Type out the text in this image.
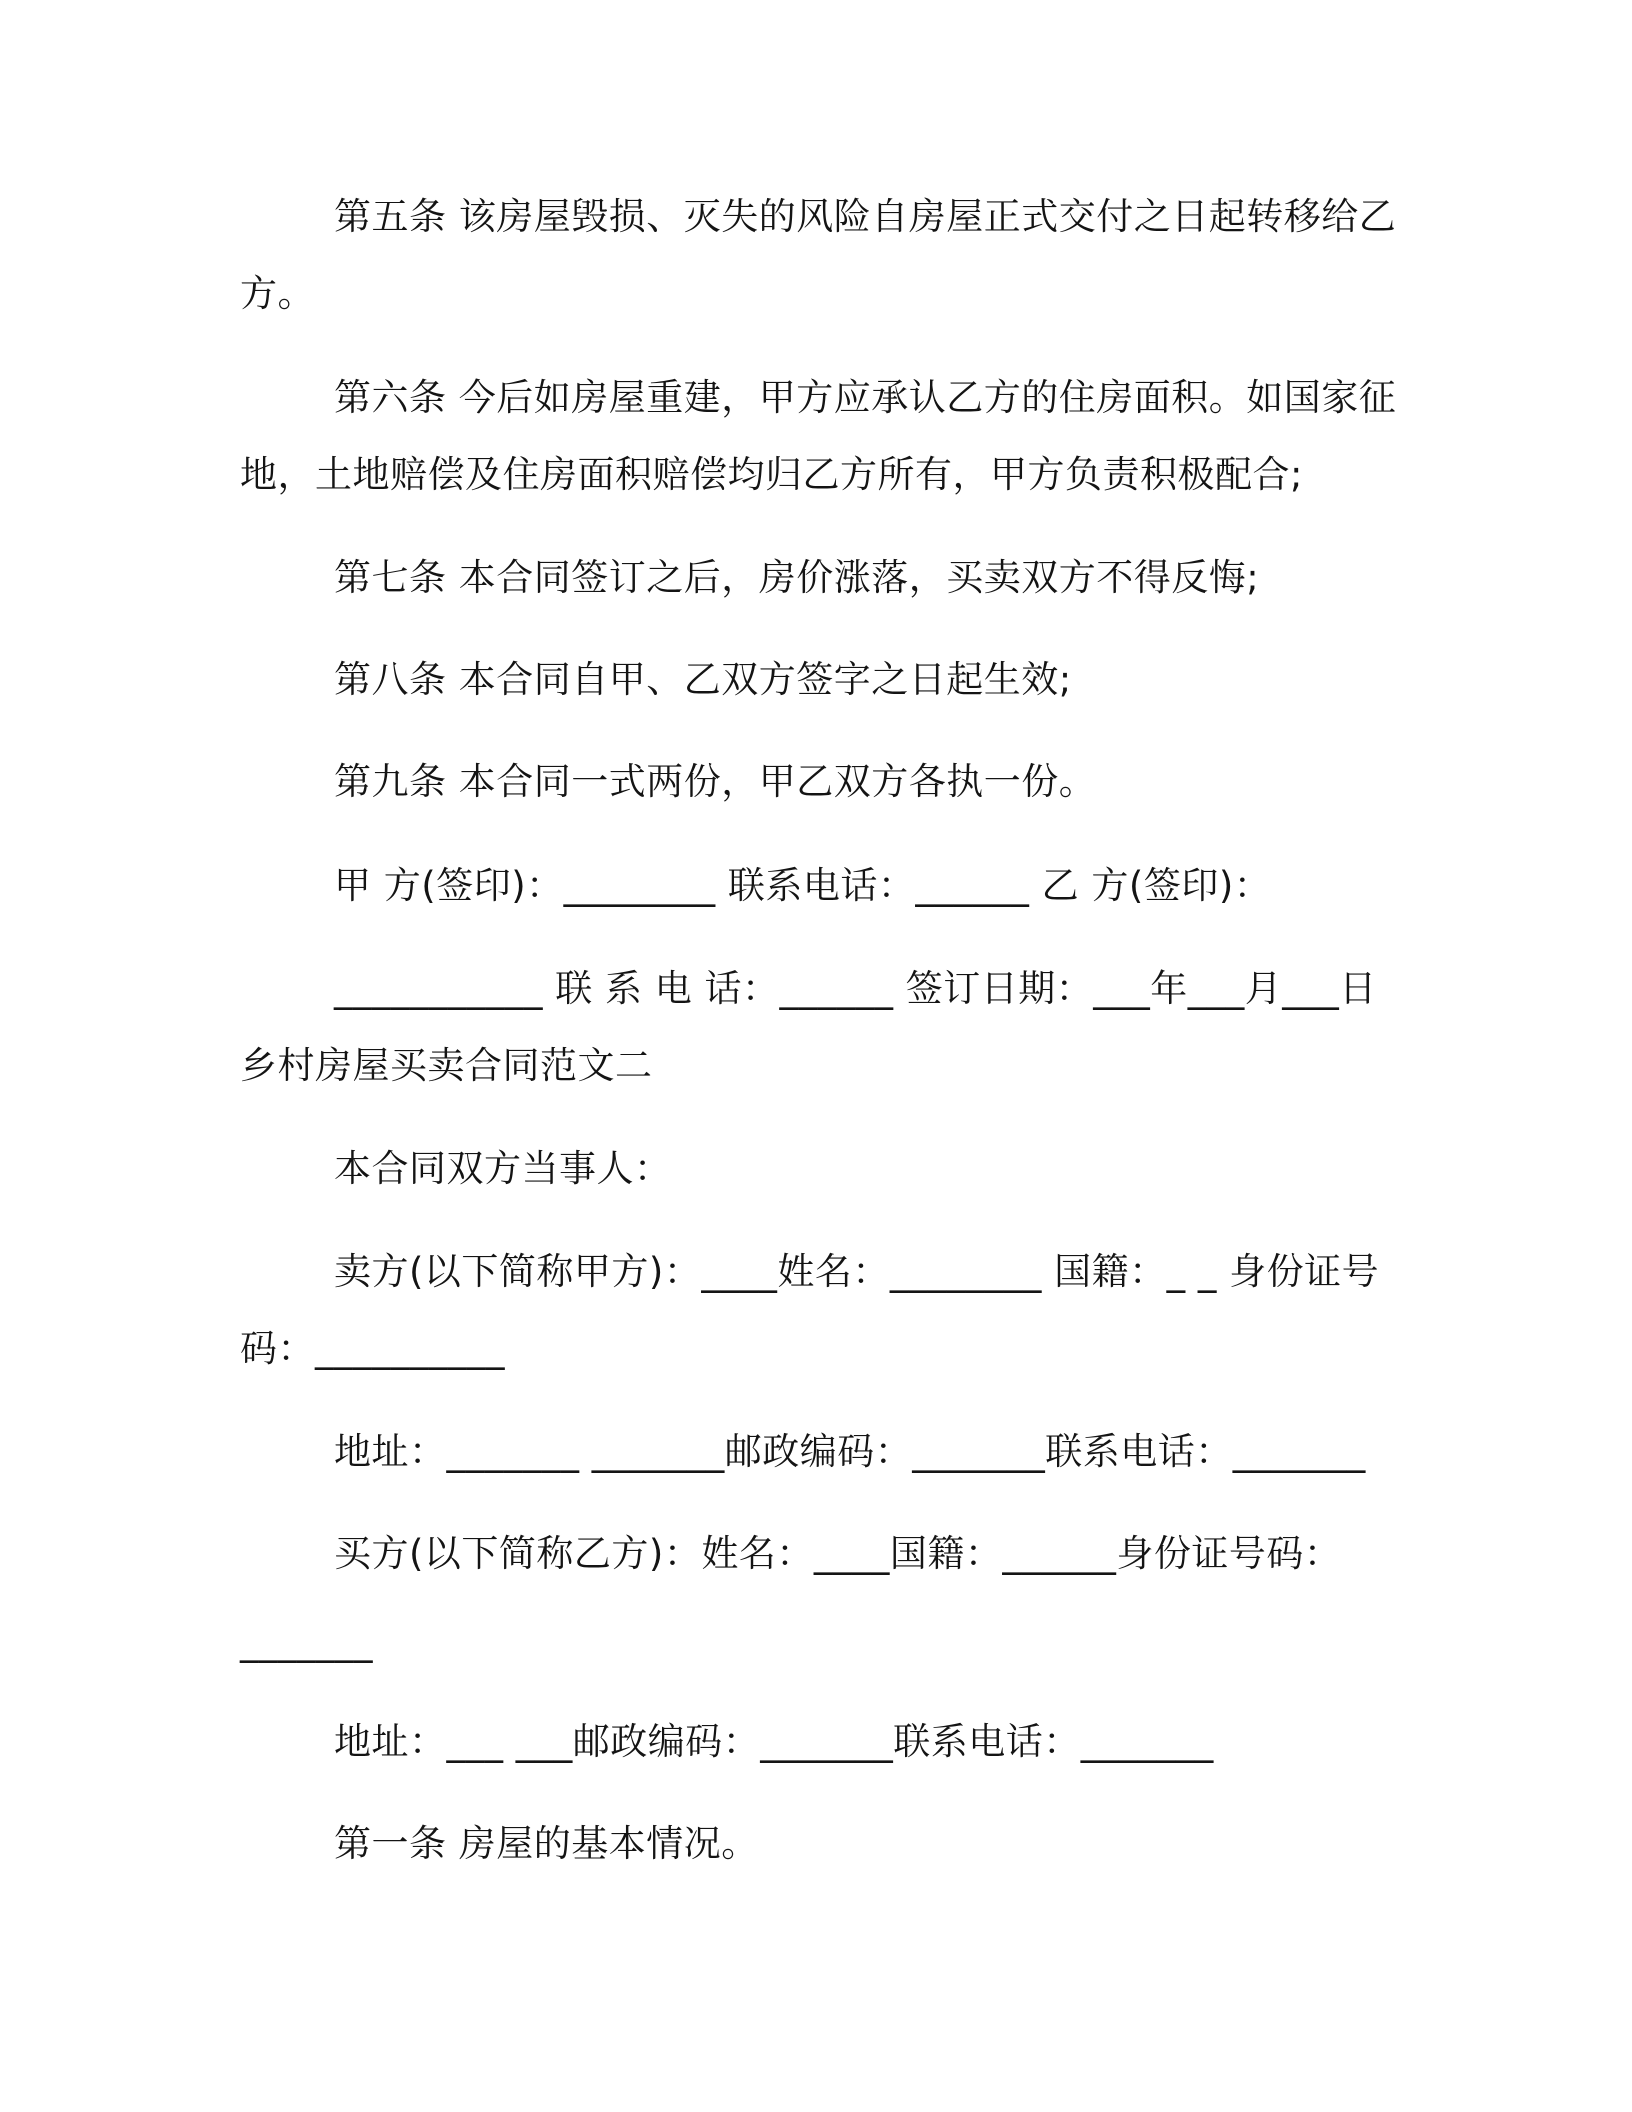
第五条 该房屋毁损、灭失的风险自房屋正式交付之日起转移给乙
方。
第六条 今后如房屋重建，甲方应承认乙方的住房面积。如国家征
地，土地赔偿及住房面积赔偿均归乙方所有，甲方负责积极配合;
第七条 本合同签订之后，房价涨落，买卖双方不得反悔;
第八条 本合同自甲、乙双方签字之日起生效;
第九条 本合同一式两份，甲乙双方各执一份。
甲 方(签印)：________ 联系电话：______ 乙 方(签印)：
___________ 联 系 电 话：______ 签订日期：___年___月___日
乡村房屋买卖合同范文二
本合同双方当事人：
卖方(以下简称甲方)：____姓名：________ 国籍：_ _ 身份证号
码：__________
地址：_______ _______邮政编码：_______联系电话：_______
买方(以下简称乙方)：姓名：____国籍：______身份证号码：
_______
地址：___ ___邮政编码：_______联系电话：_______
第一条 房屋的基本情况。
